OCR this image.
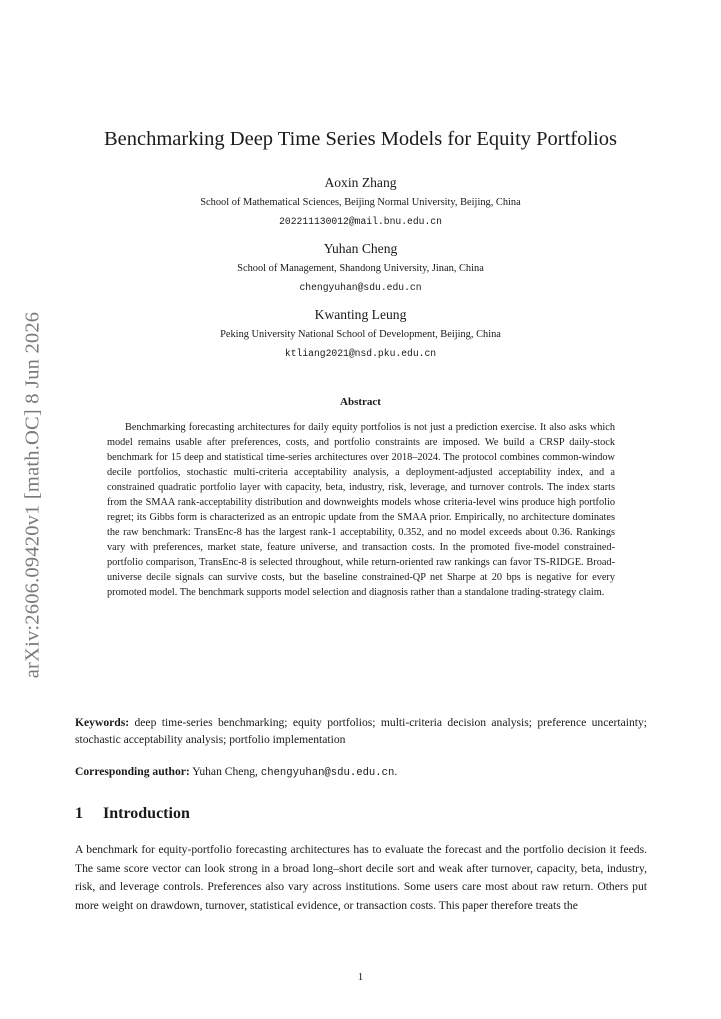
arXiv:2606.09420v1 [math.OC] 8 Jun 2026
Benchmarking Deep Time Series Models for Equity Portfolios
Aoxin Zhang
School of Mathematical Sciences, Beijing Normal University, Beijing, China
202211130012@mail.bnu.edu.cn
Yuhan Cheng
School of Management, Shandong University, Jinan, China
chengyuhan@sdu.edu.cn
Kwanting Leung
Peking University National School of Development, Beijing, China
ktliang2021@nsd.pku.edu.cn
Abstract
Benchmarking forecasting architectures for daily equity portfolios is not just a prediction exercise. It also asks which model remains usable after preferences, costs, and portfolio constraints are imposed. We build a CRSP daily-stock benchmark for 15 deep and statistical time-series architectures over 2018–2024. The protocol combines common-window decile portfolios, stochastic multi-criteria acceptability analysis, a deployment-adjusted acceptability index, and a constrained quadratic portfolio layer with capacity, beta, industry, risk, leverage, and turnover controls. The index starts from the SMAA rank-acceptability distribution and downweights models whose criteria-level wins produce high portfolio regret; its Gibbs form is characterized as an entropic update from the SMAA prior. Empirically, no architecture dominates the raw benchmark: TransEnc-8 has the largest rank-1 acceptability, 0.352, and no model exceeds about 0.36. Rankings vary with preferences, market state, feature universe, and transaction costs. In the promoted five-model constrained-portfolio comparison, TransEnc-8 is selected throughout, while return-oriented raw rankings can favor TS-RIDGE. Broad-universe decile signals can survive costs, but the baseline constrained-QP net Sharpe at 20 bps is negative for every promoted model. The benchmark supports model selection and diagnosis rather than a standalone trading-strategy claim.
Keywords: deep time-series benchmarking; equity portfolios; multi-criteria decision analysis; preference uncertainty; stochastic acceptability analysis; portfolio implementation
Corresponding author: Yuhan Cheng, chengyuhan@sdu.edu.cn.
1 Introduction
A benchmark for equity-portfolio forecasting architectures has to evaluate the forecast and the portfolio decision it feeds. The same score vector can look strong in a broad long–short decile sort and weak after turnover, capacity, beta, industry, risk, and leverage controls. Preferences also vary across institutions. Some users care most about raw return. Others put more weight on drawdown, turnover, statistical evidence, or transaction costs. This paper therefore treats the
1
